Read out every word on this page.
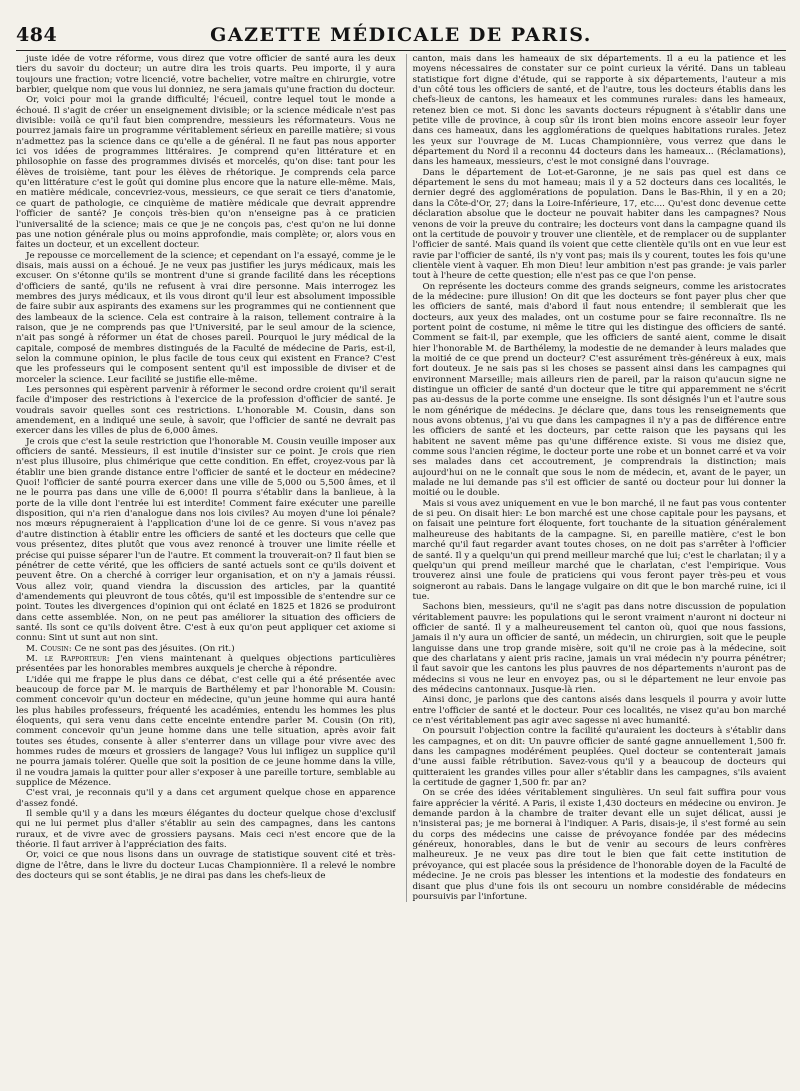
484	GAZETTE MÉDICALE DE PARIS.

juste idée de votre réforme, vous direz que votre officier de santé aura les deux tiers du savoir du docteur; un autre dira les trois quarts. Peu importe, il y aura toujours une fraction; votre licencié, votre bachelier, votre maître en chirurgie, votre barbier, quelque nom que vous lui donniez, ne sera jamais qu'une fraction du docteur.

Or, voici pour moi la grande difficulté; l'écueil, contre lequel tout le monde a échoué. Il s'agit de créer un enseignement divisible; or la science médicale n'est pas divisible: voilà ce qu'il faut bien comprendre, messieurs les réformateurs. Vous ne pourrez jamais faire un programme véritablement sérieux en pareille matière; si vous n'admettez pas la science dans ce qu'elle a de général. Il ne faut pas nous apporter ici vos idées de programmes littéraires. Je comprend qu'en littérature et en philosophie on fasse des programmes divisés et morcelés, qu'on dise: tant pour les élèves de troisième, tant pour les élèves de rhétorique. Je comprends cela parce qu'en littérature c'est le goût qui domine plus encore que la nature elle-même. Mais, en matière médicale, concevriez-vous, messieurs, ce que serait ce tiers d'anatomie, ce quart de pathologie, ce cinquième de matière médicale que devrait apprendre l'officier de santé? Je conçois très-bien qu'on n'enseigne pas à ce praticien l'universalité de la science; mais ce que je ne conçois pas, c'est qu'on ne lui donne pas une notion générale plus ou moins approfondie, mais complète; or, alors vous en faites un docteur, et un excellent docteur.

Je repousse ce morcellement de la science; et cependant on l'a essayé, comme je le disais, mais aussi on a échoué. Je ne veux pas justifier les jurys médicaux, mais les excuser. On s'étonne qu'ils se montrent d'une si grande facilité dans les réceptions d'officiers de santé, qu'ils ne refusent à vrai dire personne. Mais interrogez les membres des jurys médicaux, et ils vous diront qu'il leur est absolument impossible de faire subir aux aspirants des examens sur les programmes qui ne contiennent que des lambeaux de la science. Cela est contraire à la raison, tellement contraire à la raison, que je ne comprends pas que l'Université, par le seul amour de la science, n'ait pas songé à réformer un état de choses pareil. Pourquoi le jury médical de la capitale, composé de membres distingués de la Faculté de médecine de Paris, est-il, selon la commune opinion, le plus facile de tous ceux qui existent en France? C'est que les professeurs qui le composent sentent qu'il est impossible de diviser et de morceler la science. Leur facilité se justifie elle-même.

Les personnes qui espèrent parvenir à réformer le second ordre croient qu'il serait facile d'imposer des restrictions à l'exercice de la profession d'officier de santé. Je voudrais savoir quelles sont ces restrictions. L'honorable M. Cousin, dans son amendement, en a indiqué une seule, à savoir, que l'officier de santé ne devrait pas exercer dans les villes de plus de 6,000 âmes.

Je crois que c'est la seule restriction que l'honorable M. Cousin veuille imposer aux officiers de santé. Messieurs, il est inutile d'insister sur ce point. Je crois que rien n'est plus illusoire, plus chimérique que cette condition. En effet, croyez-vous par là établir une bien grande distance entre l'officier de santé et le docteur en médecine? Quoi! l'officier de santé pourra exercer dans une ville de 5,000 ou 5,500 âmes, et il ne le pourra pas dans une ville de 6,000! Il pourra s'établir dans la banlieue, à la porte de la ville dont l'entrée lui est interdite! Comment faire exécuter une pareille disposition, qui n'a rien d'analogue dans nos lois civiles? Au moyen d'une loi pénale? nos mœurs répugneraient à l'application d'une loi de ce genre. Si vous n'avez pas d'autre distinction à établir entre les officiers de santé et les docteurs que celle que vous présentez, dites plutôt que vous avez renoncé à trouver une limite réelle et précise qui puisse séparer l'un de l'autre. Et comment la trouverait-on? Il faut bien se pénétrer de cette vérité, que les officiers de santé actuels sont ce qu'ils doivent et peuvent être. On a cherché à corriger leur organisation, et on n'y a jamais réussi. Vous allez voir, quand viendra la discussion des articles, par la quantité d'amendements qui pleuvront de tous côtés, qu'il est impossible de s'entendre sur ce point. Toutes les divergences d'opinion qui ont éclaté en 1825 et 1826 se produiront dans cette assemblée. Non, on ne peut pas améliorer la situation des officiers de santé. Ils sont ce qu'ils doivent être. C'est à eux qu'on peut appliquer cet axiome si connu: Sint ut sunt aut non sint.

M. Cousin: Ce ne sont pas des jésuites. (On rit.)

M. le Rapporteur: J'en viens maintenant à quelques objections particulières présentées par les honorables membres auxquels je cherche à répondre.

L'idée qui me frappe le plus dans ce débat, c'est celle qui a été présentée avec beaucoup de force par M. le marquis de Barthélemy et par l'honorable M. Cousin: comment concevoir qu'un docteur en médecine, qu'un jeune homme qui aura hanté les plus habiles professeurs, fréquenté les académies, entendu les hommes les plus éloquents, qui sera venu dans cette enceinte entendre parler M. Cousin (On rit), comment concevoir qu'un jeune homme dans une telle situation, après avoir fait toutes ses études, consente à aller s'enterrer dans un village pour vivre avec des hommes rudes de mœurs et grossiers de langage? Vous lui infligez un supplice qu'il ne pourra jamais tolérer. Quelle que soit la position de ce jeune homme dans la ville, il ne voudra jamais la quitter pour aller s'exposer à une pareille torture, semblable au supplice de Mézence.

C'est vrai, je reconnais qu'il y a dans cet argument quelque chose en apparence d'assez fondé.

Il semble qu'il y a dans les mœurs élégantes du docteur quelque chose d'exclusif qui ne lui permet plus d'aller s'établir au sein des campagnes, dans les cantons ruraux, et de vivre avec de grossiers paysans. Mais ceci n'est encore que de la théorie. Il faut arriver à l'appréciation des faits.

Or, voici ce que nous lisons dans un ouvrage de statistique souvent cité et très-digne de l'être, dans le livre du docteur Lucas Championnière. Il a relevé le nombre des docteurs qui se sont établis, je ne dirai pas dans les chefs-lieux de

canton, mais dans les hameaux de six départements. Il a eu la patience et les moyens nécessaires de constater sur ce point curieux la vérité. Dans un tableau statistique fort digne d'étude, qui se rapporte à six départements, l'auteur a mis d'un côté tous les officiers de santé, et de l'autre, tous les docteurs établis dans les chefs-lieux de cantons, les hameaux et les communes rurales: dans les hameaux, retenez bien ce mot. Si donc les savants docteurs répugnent à s'établir dans une petite ville de province, à coup sûr ils iront bien moins encore asseoir leur foyer dans ces hameaux, dans les agglomérations de quelques habitations rurales. Jetez les yeux sur l'ouvrage de M. Lucas Championnière, vous verrez que dans le département du Nord il a reconnu 44 docteurs dans les hameaux... (Réclamations), dans les hameaux, messieurs, c'est le mot consigné dans l'ouvrage.

Dans le département de Lot-et-Garonne, je ne sais pas quel est dans ce département le sens du mot hameau; mais il y a 52 docteurs dans ces localités, le dernier degré des agglomérations de population. Dans le Bas-Rhin, il y en a 20; dans la Côte-d'Or, 27; dans la Loire-Inférieure, 17, etc.... Qu'est donc devenue cette déclaration absolue que le docteur ne pouvait habiter dans les campagnes? Nous venons de voir la preuve du contraire; les docteurs vont dans la campagne quand ils ont la certitude de pouvoir y trouver une clientèle, et de remplacer ou de supplanter l'officier de santé. Mais quand ils voient que cette clientèle qu'ils ont en vue leur est ravie par l'officier de santé, ils n'y vont pas; mais ils y courent, toutes les fois qu'une clientèle vient à vaquer. Eh mon Dieu! leur ambition n'est pas grande: je vais parler tout à l'heure de cette question; elle n'est pas ce que l'on pense.

On représente les docteurs comme des grands seigneurs, comme les aristocrates de la médecine: pure illusion! On dit que les docteurs se font payer plus cher que les officiers de santé, mais d'abord il faut nous entendre; il semblerait que les docteurs, aux yeux des malades, ont un costume pour se faire reconnaître. Ils ne portent point de costume, ni même le titre qui les distingue des officiers de santé. Comment se fait-il, par exemple, que les officiers de santé aient, comme le disait hier l'honorable M. de Barthélemy, la modestie de ne demander à leurs malades que la moitié de ce que prend un docteur? C'est assurément très-généreux à eux, mais fort douteux. Je ne sais pas si les choses se passent ainsi dans les campagnes qui environnent Marseille; mais ailleurs rien de pareil, par la raison qu'aucun signe ne distingue un officier de santé d'un docteur que le titre qui apparemment ne s'écrit pas au-dessus de la porte comme une enseigne. Ils sont désignés l'un et l'autre sous le nom générique de médecins. Je déclare que, dans tous les renseignements que nous avons obtenus, j'ai vu que dans les campagnes il n'y a pas de différence entre les officiers de santé et les docteurs, par cette raison que les paysans qui les habitent ne savent même pas qu'une différence existe. Si vous me disiez que, comme sous l'ancien régime, le docteur porte une robe et un bonnet carré et va voir ses malades dans cet accoutrement, je comprendrais la distinction; mais aujourd'hui on ne le connaît que sous le nom de médecin, et, avant de le payer, un malade ne lui demande pas s'il est officier de santé ou docteur pour lui donner la moitié ou le double.

Mais si vous avez uniquement en vue le bon marché, il ne faut pas vous contenter de si peu. On disait hier: Le bon marché est une chose capitale pour les paysans, et on faisait une peinture fort éloquente, fort touchante de la situation généralement malheureuse des habitants de la campagne. Si, en pareille matière, c'est le bon marché qu'il faut regarder avant toutes choses, on ne doit pas s'arrêter à l'officier de santé. Il y a quelqu'un qui prend meilleur marché que lui; c'est le charlatan; il y a quelqu'un qui prend meilleur marché que le charlatan, c'est l'empirique. Vous trouverez ainsi une foule de praticiens qui vous feront payer très-peu et vous soigneront au rabais. Dans le langage vulgaire on dit que le bon marché ruine, ici il tue.

Sachons bien, messieurs, qu'il ne s'agit pas dans notre discussion de population véritablement pauvre: les populations qui le seront vraiment n'auront ni docteur ni officier de santé. Il y a malheureusement tel canton où, quoi que nous fassions, jamais il n'y aura un officier de santé, un médecin, un chirurgien, soit que le peuple languisse dans une trop grande misère, soit qu'il ne croie pas à la médecine, soit que des charlatans y aient pris racine, jamais un vrai médecin n'y pourra pénétrer; il faut savoir que les cantons les plus pauvres de nos départements n'auront pas de médecins si vous ne leur en envoyez pas, ou si le département ne leur envoie pas des médecins cantonnaux. Jusque-là rien.

Ainsi donc, je parlons que des cantons aisés dans lesquels il pourra y avoir lutte entre l'officier de santé et le docteur. Pour ces localités, ne visez qu'au bon marché ce n'est véritablement pas agir avec sagesse ni avec humanité.

On poursuit l'objection contre la facilité qu'auraient les docteurs à s'établir dans les campagnes, et on dit: Un pauvre officier de santé gagne annuellement 1,500 fr. dans les campagnes modérément peuplées. Quel docteur se contenterait jamais d'une aussi faible rétribution. Savez-vous qu'il y a beaucoup de docteurs qui quitteraient les grandes villes pour aller s'établir dans les campagnes, s'ils avaient la certitude de gagner 1,500 fr. par an?

On se crée des idées véritablement singulières. Un seul fait suffira pour vous faire apprécier la vérité. A Paris, il existe 1,430 docteurs en médecine ou environ. Je demande pardon à la chambre de traiter devant elle un sujet délicat, aussi je n'insisterai pas; je me bornerai à l'indiquer. A Paris, disais-je, il s'est formé au sein du corps des médecins une caisse de prévoyance fondée par des médecins généreux, honorables, dans le but de venir au secours de leurs confrères malheureux. Je ne veux pas dire tout le bien que fait cette institution de prévoyance, qui est placée sous la présidence de l'honorable doyen de la Faculté de médecine. Je ne crois pas blesser les intentions et la modestie des fondateurs en disant que plus d'une fois ils ont secouru un nombre considérable de médecins poursuivis par l'infortune.
